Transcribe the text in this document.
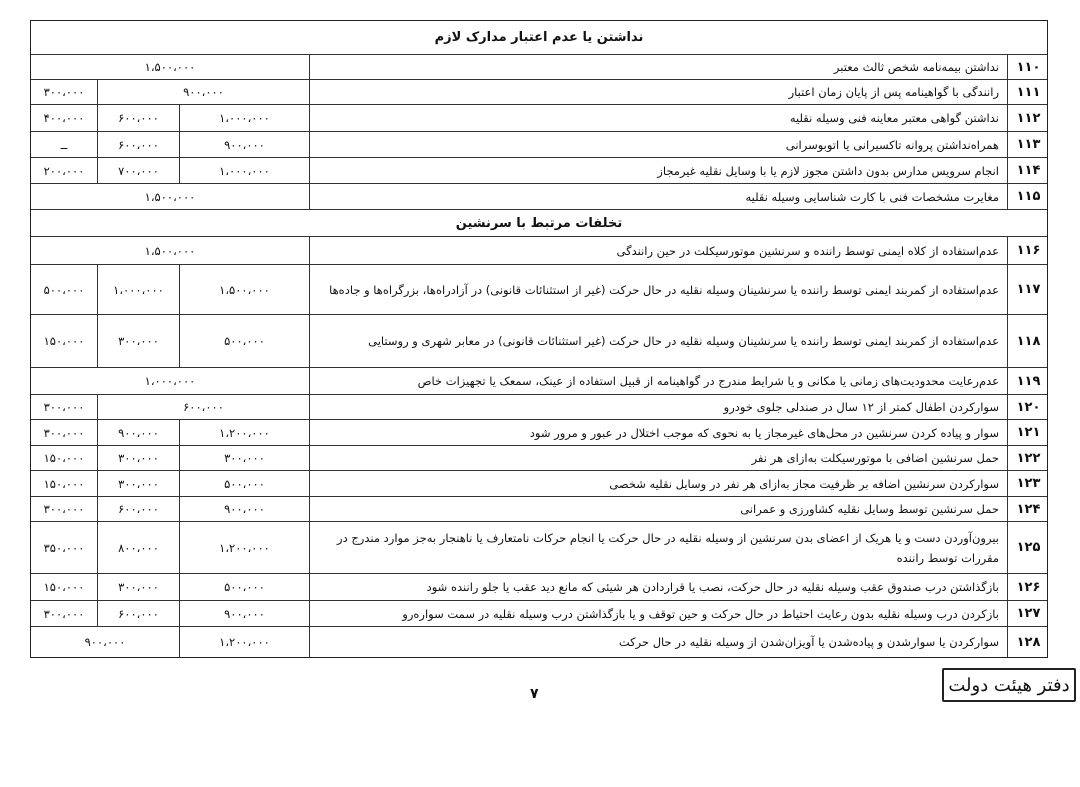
نداشتن یا عدم اعتبار مدارک لازم
۱۱۰
نداشتن بیمه‌نامه شخص ثالث معتبر
۱،۵۰۰،۰۰۰
۱۱۱
رانندگی با گواهینامه پس از پایان زمان اعتبار
۹۰۰،۰۰۰
۳۰۰،۰۰۰
۱۱۲
نداشتن گواهی معتبر معاینه فنی وسیله نقلیه
۱،۰۰۰،۰۰۰
۶۰۰،۰۰۰
۴۰۰،۰۰۰
۱۱۳
همراه‌نداشتن پروانه تاکسیرانی یا اتوبوسرانی
۹۰۰،۰۰۰
۶۰۰،۰۰۰
ــ
۱۱۴
انجام سرویس مدارس بدون داشتن مجوز لازم یا با وسایل نقلیه غیرمجاز
۱،۰۰۰،۰۰۰
۷۰۰،۰۰۰
۲۰۰،۰۰۰
۱۱۵
مغایرت مشخصات فنی با کارت شناسایی وسیله نقلیه
۱،۵۰۰،۰۰۰
تخلفات مرتبط با سرنشین
۱۱۶
عدم‌استفاده از کلاه ایمنی توسط راننده و سرنشین موتورسیکلت در حین رانندگی
۱،۵۰۰،۰۰۰
۱۱۷
عدم‌استفاده از کمربند ایمنی توسط راننده یا سرنشینان وسیله نقلیه در حال حرکت (غیر از استثنائات قانونی) در آزادراه‌ها، بزرگراه‌ها و جاده‌ها
۱،۵۰۰،۰۰۰
۱،۰۰۰،۰۰۰
۵۰۰،۰۰۰
۱۱۸
عدم‌استفاده از کمربند ایمنی توسط راننده یا سرنشینان وسیله نقلیه در حال حرکت (غیر استثنائات قانونی) در معابر شهری و روستایی
۵۰۰،۰۰۰
۳۰۰،۰۰۰
۱۵۰،۰۰۰
۱۱۹
عدم‌رعایت محدودیت‌های زمانی یا مکانی و یا شرایط مندرج در گواهینامه از قبیل استفاده از عینک، سمعک یا تجهیزات خاص
۱،۰۰۰،۰۰۰
۱۲۰
سوارکردن اطفال کمتر از ۱۲ سال در صندلی جلوی خودرو
۶۰۰،۰۰۰
۳۰۰،۰۰۰
۱۲۱
سوار و پیاده کردن سرنشین در محل‌های غیرمجاز یا به نحوی که موجب اختلال در عبور و مرور شود
۱،۲۰۰،۰۰۰
۹۰۰،۰۰۰
۳۰۰،۰۰۰
۱۲۲
حمل سرنشین اضافی با موتورسیکلت به‌ازای هر نفر
۳۰۰،۰۰۰
۳۰۰،۰۰۰
۱۵۰،۰۰۰
۱۲۳
سوارکردن سرنشین اضافه بر ظرفیت مجاز به‌ازای هر نفر در وسایل نقلیه شخصی
۵۰۰،۰۰۰
۳۰۰،۰۰۰
۱۵۰،۰۰۰
۱۲۴
حمل سرنشین توسط وسایل نقلیه کشاورزی و عمرانی
۹۰۰،۰۰۰
۶۰۰،۰۰۰
۳۰۰،۰۰۰
۱۲۵
بیرون‌آوردن دست و یا هریک از اعضای بدن سرنشین از وسیله نقلیه در حال حرکت یا انجام حرکات نامتعارف یا ناهنجار به‌جز موارد مندرج در مقررات توسط راننده
۱،۲۰۰،۰۰۰
۸۰۰،۰۰۰
۳۵۰،۰۰۰
۱۲۶
بازگذاشتن درب صندوق عقب وسیله نقلیه در حال حرکت، نصب یا قراردادن هر شیئی که مانع دید عقب یا جلو راننده شود
۵۰۰،۰۰۰
۳۰۰،۰۰۰
۱۵۰،۰۰۰
۱۲۷
بازکردن درب وسیله نقلیه بدون رعایت احتیاط در حال حرکت و حین توقف و یا بازگذاشتن درب وسیله نقلیه در سمت سواره‌رو
۹۰۰،۰۰۰
۶۰۰،۰۰۰
۳۰۰،۰۰۰
۱۲۸
سوارکردن یا سوارشدن و پیاده‌شدن یا آویزان‌شدن از وسیله نقلیه در حال حرکت
۱،۲۰۰،۰۰۰
۹۰۰،۰۰۰
۷	دفتر هیئت دولت
